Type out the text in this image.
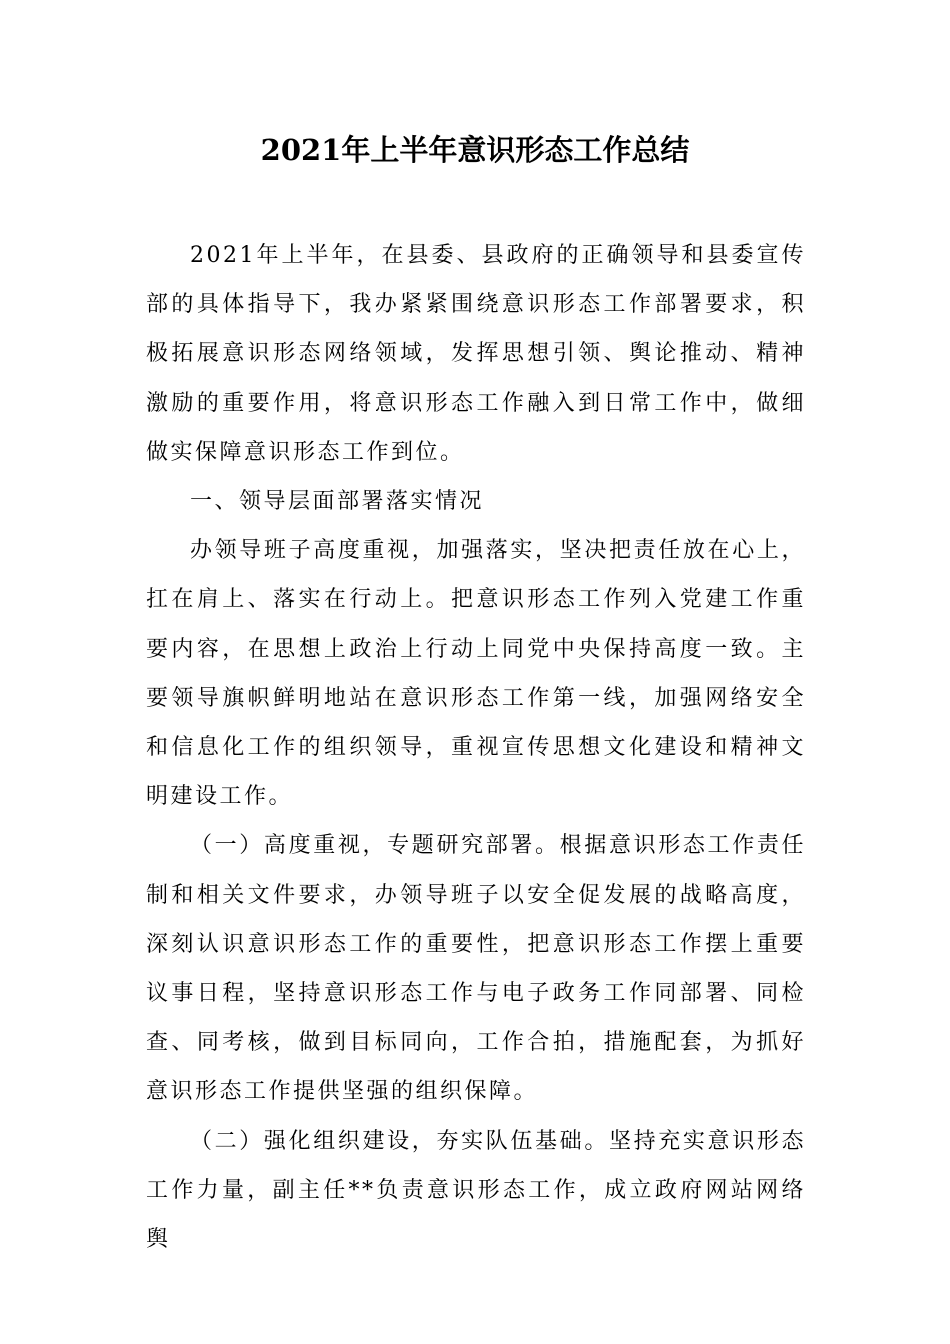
2021年上半年意识形态工作总结

2021年上半年，在县委、县政府的正确领导和县委宣传部的具体指导下，我办紧紧围绕意识形态工作部署要求，积极拓展意识形态网络领域，发挥思想引领、舆论推动、精神激励的重要作用，将意识形态工作融入到日常工作中，做细做实保障意识形态工作到位。

一、领导层面部署落实情况

办领导班子高度重视，加强落实，坚决把责任放在心上，扛在肩上、落实在行动上。把意识形态工作列入党建工作重要内容，在思想上政治上行动上同党中央保持高度一致。主要领导旗帜鲜明地站在意识形态工作第一线，加强网络安全和信息化工作的组织领导，重视宣传思想文化建设和精神文明建设工作。

（一）高度重视，专题研究部署。根据意识形态工作责任制和相关文件要求，办领导班子以安全促发展的战略高度，深刻认识意识形态工作的重要性，把意识形态工作摆上重要议事日程，坚持意识形态工作与电子政务工作同部署、同检查、同考核，做到目标同向，工作合拍，措施配套，为抓好意识形态工作提供坚强的组织保障。

（二）强化组织建设，夯实队伍基础。坚持充实意识形态工作力量，副主任**负责意识形态工作，成立政府网站网络舆
